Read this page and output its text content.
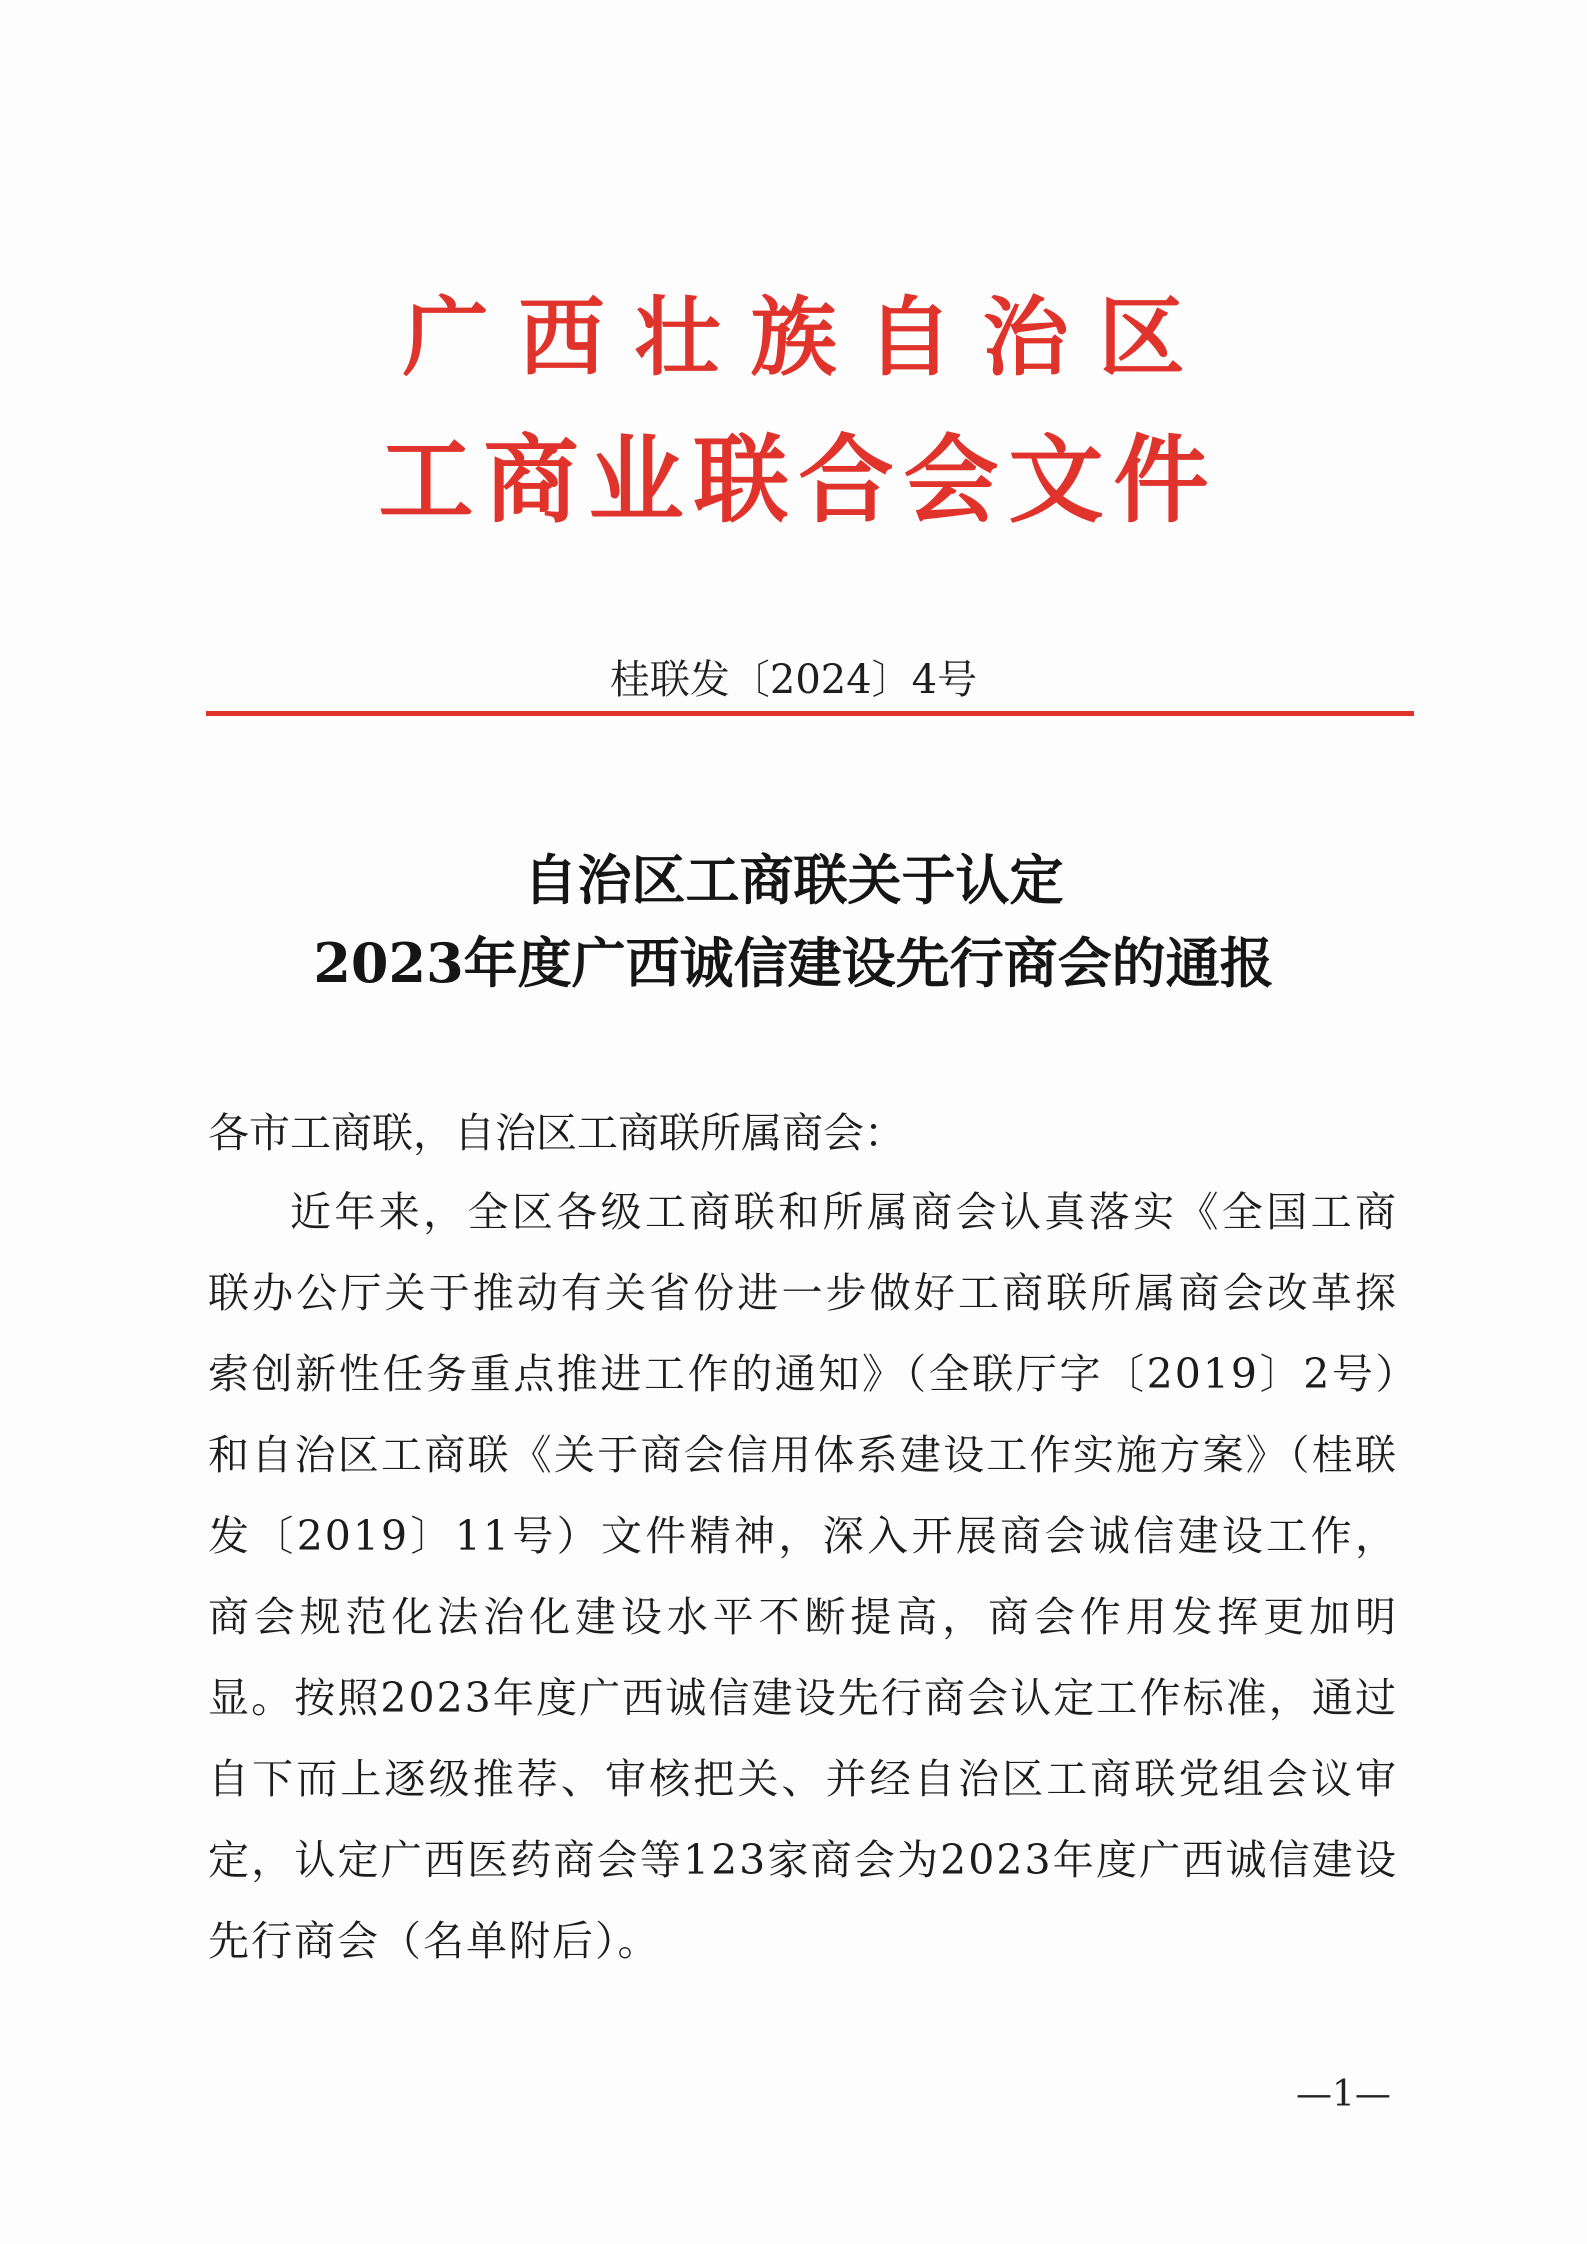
广西壮族自治区
工商业联合会文件
桂联发〔2024〕4号
自治区工商联关于认定
2023年度广西诚信建设先行商会的通报
各市工商联，自治区工商联所属商会：
近年来，全区各级工商联和所属商会认真落实《全国工商联办公厅关于推动有关省份进一步做好工商联所属商会改革探索创新性任务重点推进工作的通知》（全联厅字〔2019〕2号）和自治区工商联《关于商会信用体系建设工作实施方案》（桂联发〔2019〕11号）文件精神，深入开展商会诚信建设工作，商会规范化法治化建设水平不断提高，商会作用发挥更加明显。按照2023年度广西诚信建设先行商会认定工作标准，通过自下而上逐级推荐、审核把关、并经自治区工商联党组会议审定，认定广西医药商会等123家商会为2023年度广西诚信建设先行商会（名单附后）。
—1—
